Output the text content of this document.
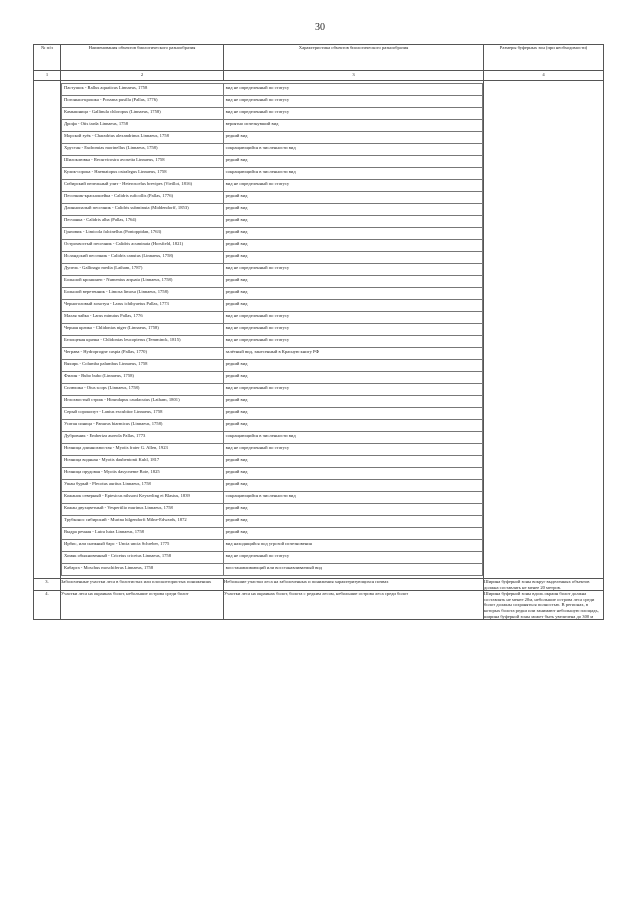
30
№ п/п	Наименования объектов биологического разнообразия	Характеристика объектов биологического разнообразия	Размеры буферных зон (при необходимости)
1	2	3	4

Пастушок - Rallus aquaticus Linnaeus, 1758	вид не определенный по статусу
Погоныш-крошка - Porzana pusilla (Pallas, 1776)	вид не определенный по статусу
Камышница - Gallinula chloropus (Linnaeus, 1758)	вид не определенный по статусу
Дрофа - Otis tarda Linnaeus, 1758	вероятно исчезнувший вид
Морской зуёк - Charadrius alexandrinus Linnaeus, 1758	редкий вид
Хрустан - Eudromias morinellus (Linnaeus, 1758)	сокращающийся в численности вид
Шилоклювка - Recurvirostra avosetta Linnaeus, 1758	редкий вид
Кулик-сорока - Haematopus ostralegus Linnaeus, 1758	сокращающийся в численности вид
Сибирский пепельный улит - Heteroscelus brevipes (Vieillot, 1816)	вид не определенный по статусу
Песочник-красношейка - Calidris ruficollis (Pallas, 1776)	редкий вид
Длиннопалый песочник - Calidris subminuta (Middendorff, 1853)	редкий вид
Песчанка - Calidris alba (Pallas, 1764)	редкий вид
Грязовик - Limicola falcinellus (Pontoppidan, 1763)	редкий вид
Острохвостый песочник - Calidris acuminata (Horsfield, 1821)	редкий вид
Исландский песочник - Calidris canutus (Linnaeus, 1758)	редкий вид
Дупель - Gallinago media (Latham, 1787)	вид не определенный по статусу
Большой кроншнеп - Numenius arquata (Linnaeus, 1758)	редкий вид
Большой веретенник - Limosa limosa (Linnaeus, 1758)	редкий вид
Черноголовый хохотун - Larus ichthyaetus Pallas, 1773	редкий вид
Малая чайка - Larus minutus Pallas, 1776	вид не определенный по статусу
Черная крачка - Chlidonias niger (Linnaeus, 1758)	вид не определенный по статусу
Белощекая крачка - Chlidonias leucopterus (Temminck, 1815)	вид не определенный по статусу
Чеграва - Hydroprogne caspia (Pallas, 1770)	залётный вид, занесенный в Красную книгу РФ
Вяхирь - Columba palumbus Linnaeus, 1758	редкий вид
Филин - Bubo bubo (Linnaeus, 1758)	редкий вид
Сплюшка - Otus scops (Linnaeus, 1758)	вид не определенный по статусу
Иглохвостый стриж - Hirundapus caudacutus (Latham, 1801)	редкий вид
Серый сорокопут - Lanius excubitor Linnaeus, 1758	редкий вид
Усатая синица - Panurus biarmicus (Linnaeus, 1758)	редкий вид
Дубровник - Emberiza aureola Pallas, 1773	сокращающийся в численности вид
Ночница длиннохвостая - Myotis frater G. Allen, 1923	вид не определенный по статусу
Ночница водяная - Myotis daubentonii Kuhl, 1817	редкий вид
Ночница прудовая - Myotis dasycneme Boie, 1825	редкий вид
Ушан бурый - Plecotus auritus Linnaeus, 1758	редкий вид
Кожанок северный - Eptesicus nilssoni Keyserling et Blasius, 1839	сокращающийся в численности вид
Кожан двухцветный - Vespertilio murinus Linnaeus, 1758	редкий вид
Трубконос сибирский - Murina hilgendorfi Milne-Edwards, 1872	редкий вид
Выдра речная - Lutra lutra Linnaeus, 1758	редкий вид
Ирбис, или снежный барс - Uncia uncia Schreber, 1775	вид находящийся под угрозой исчезновения
Хомяк обыкновенный - Cricetus cricetus Linnaeus, 1758	вид не определенный по статусу
Кабарга - Moschus moschiferus Linnaeus, 1758	восстанавливающий или восстанавливаемый вид

3.	Заболоченные участки леса в болотистых или плоскоегористых понижениях	Небольшие участки леса на заболоченных и понижения характеризующихся почвах	Ширина буферной зоны вокруг выделенных объектов должна составлять не менее 20 метров.
4.	Участки леса на окраинах болот, небольшие острова среди болот	Участки леса на окраинах болот, болота с редким лесом, небольшие острова леса среди болот	Ширина буферной зоны вдоль окраин болот должна составлять не менее 20м, небольшие острова леса среди болот должны сохраняться полностью. В регионах, в которых болота редки или занимают небольшую площадь, ширина буферной зоны может быть увеличена до 300 м
